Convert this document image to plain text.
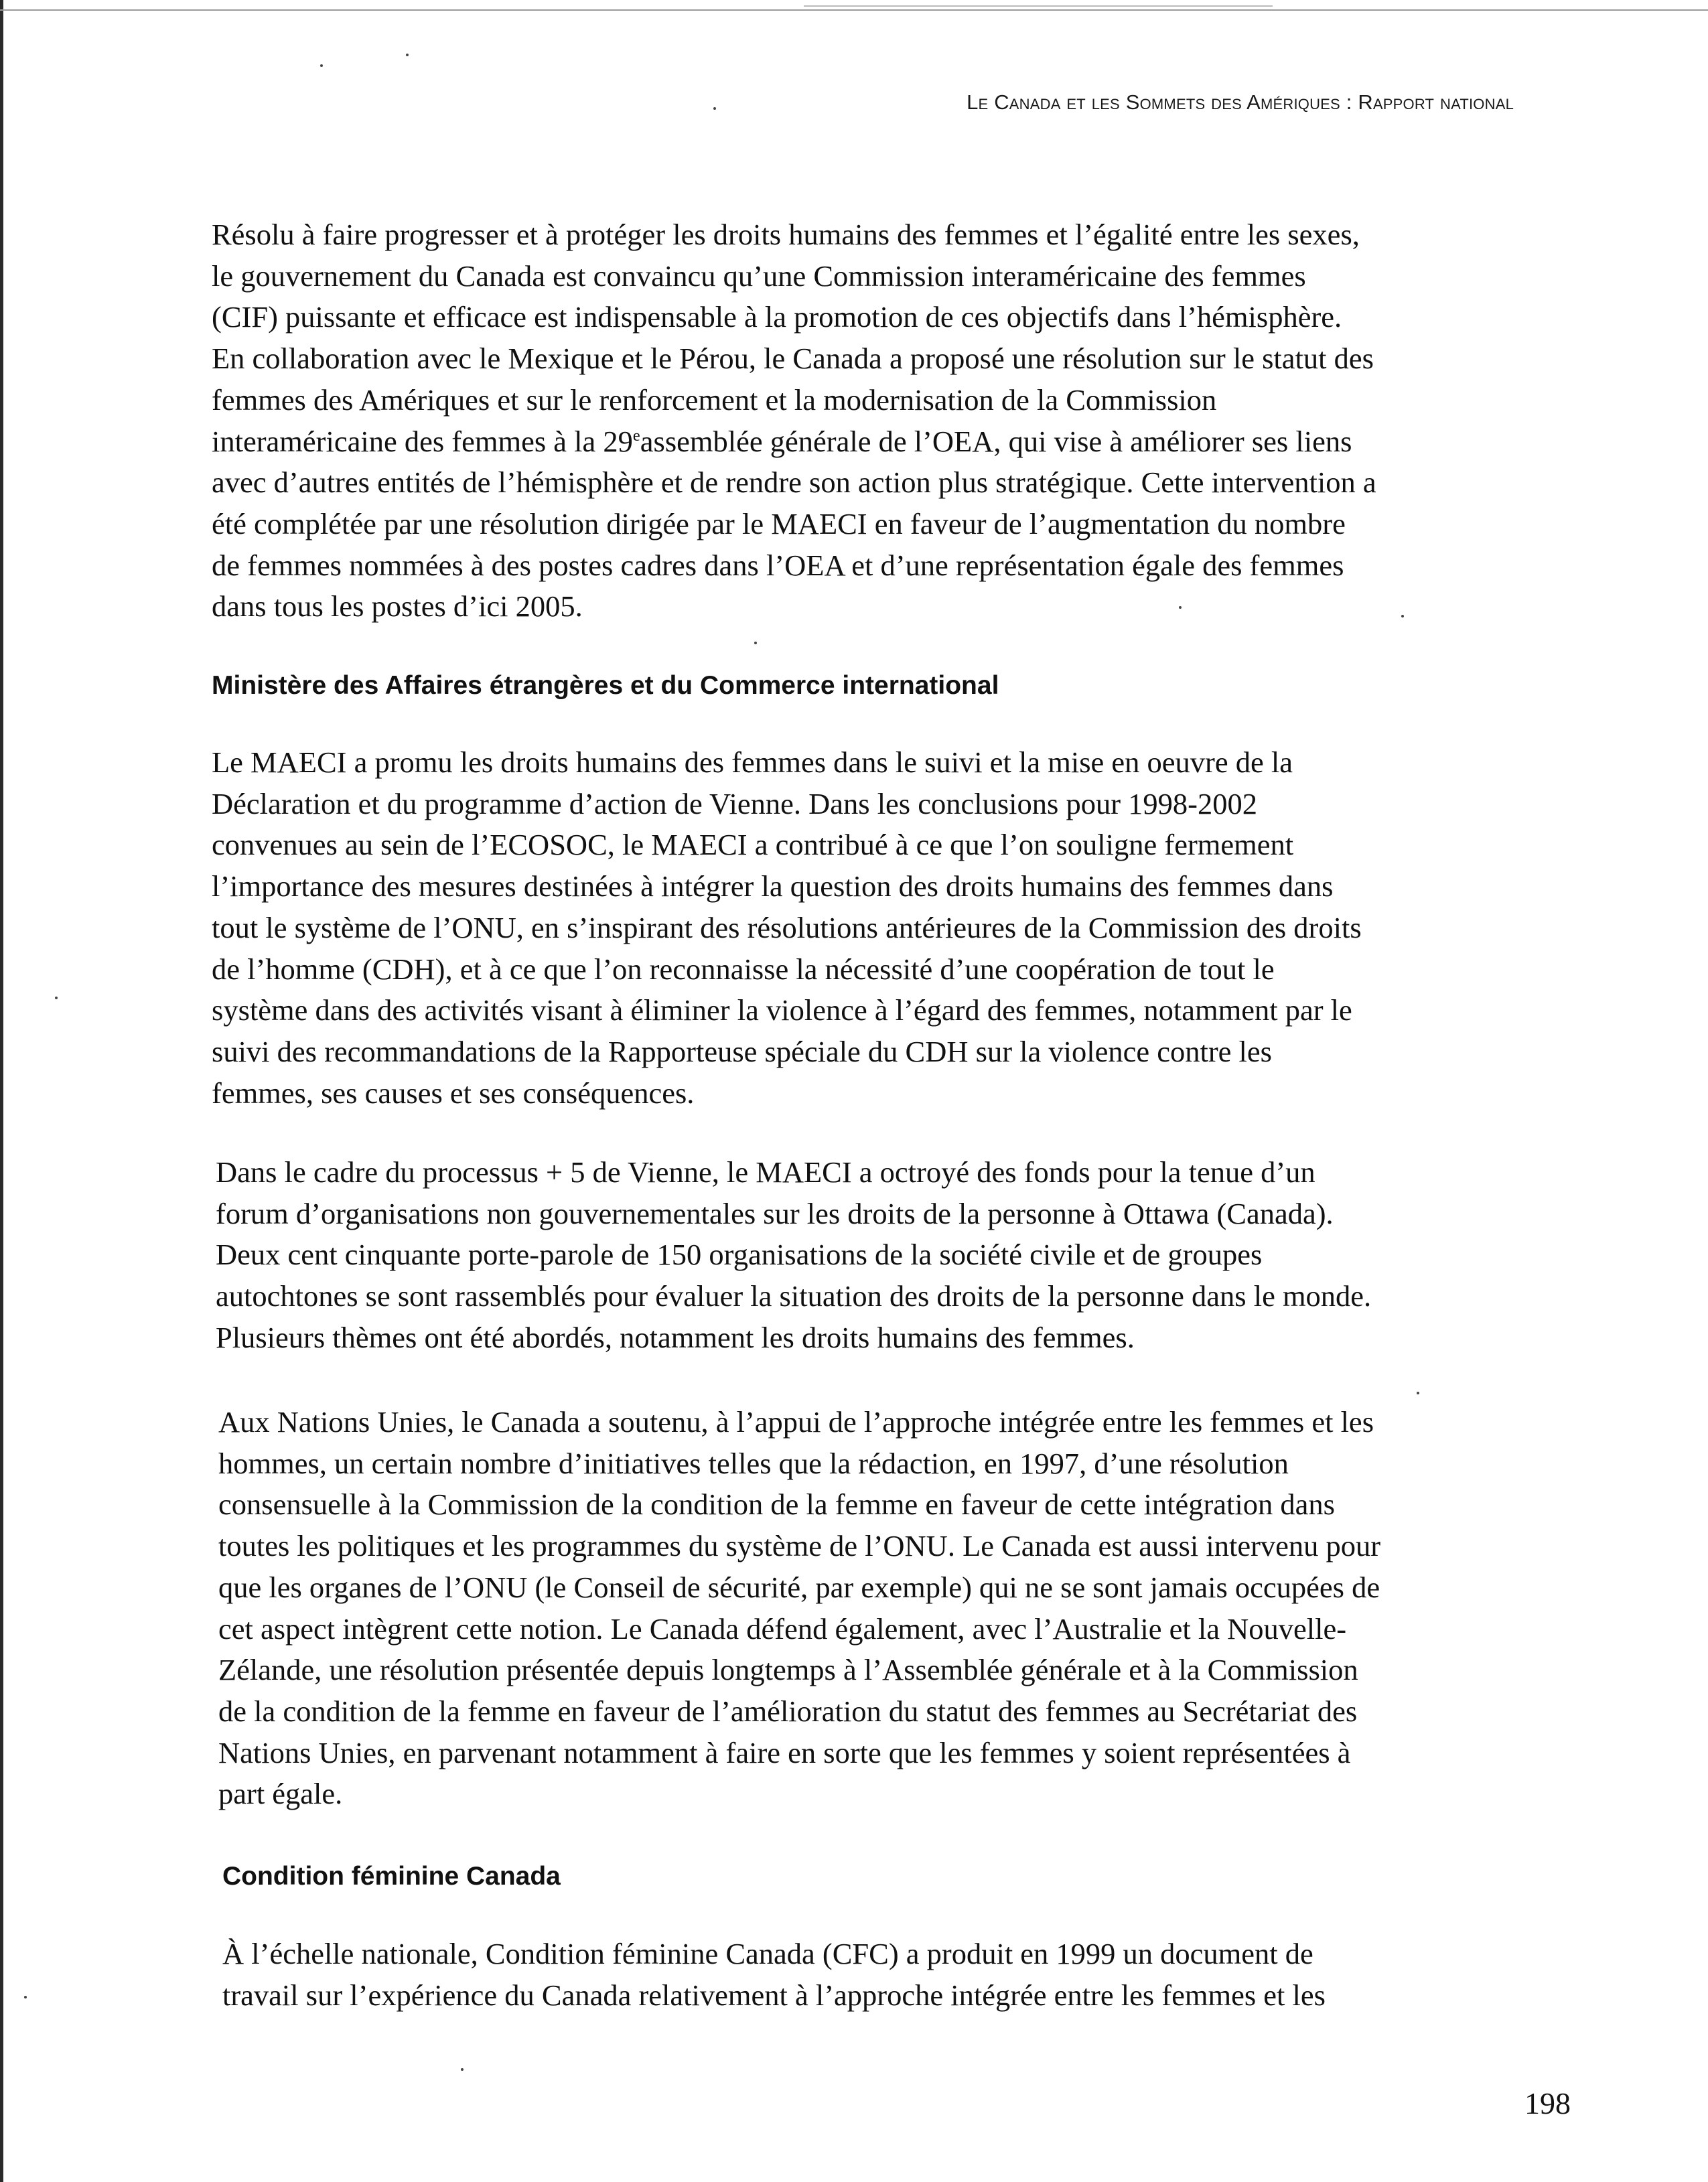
Le Canada et les Sommets des Amériques : Rapport national
Résolu à faire progresser et à protéger les droits humains des femmes et l’égalité entre les sexes,
le gouvernement du Canada est convaincu qu’une Commission interaméricaine des femmes
(CIF) puissante et efficace est indispensable à la promotion de ces objectifs dans l’hémisphère.
En collaboration avec le Mexique et le Pérou, le Canada a proposé une résolution sur le statut des
femmes des Amériques et sur le renforcement et la modernisation de la Commission
interaméricaine des femmes à la 29eassemblée générale de l’OEA, qui vise à améliorer ses liens
avec d’autres entités de l’hémisphère et de rendre son action plus stratégique. Cette intervention a
été complétée par une résolution dirigée par le MAECI en faveur de l’augmentation du nombre
de femmes nommées à des postes cadres dans l’OEA et d’une représentation égale des femmes
dans tous les postes d’ici 2005.
Ministère des Affaires étrangères et du Commerce international
Le MAECI a promu les droits humains des femmes dans le suivi et la mise en oeuvre de la
Déclaration et du programme d’action de Vienne. Dans les conclusions pour 1998-2002
convenues au sein de l’ECOSOC, le MAECI a contribué à ce que l’on souligne fermement
l’importance des mesures destinées à intégrer la question des droits humains des femmes dans
tout le système de l’ONU, en s’inspirant des résolutions antérieures de la Commission des droits
de l’homme (CDH), et à ce que l’on reconnaisse la nécessité d’une coopération de tout le
système dans des activités visant à éliminer la violence à l’égard des femmes, notamment par le
suivi des recommandations de la Rapporteuse spéciale du CDH sur la violence contre les
femmes, ses causes et ses conséquences.
Dans le cadre du processus + 5 de Vienne, le MAECI a octroyé des fonds pour la tenue d’un
forum d’organisations non gouvernementales sur les droits de la personne à Ottawa (Canada).
Deux cent cinquante porte-parole de 150 organisations de la société civile et de groupes
autochtones se sont rassemblés pour évaluer la situation des droits de la personne dans le monde.
Plusieurs thèmes ont été abordés, notamment les droits humains des femmes.
Aux Nations Unies, le Canada a soutenu, à l’appui de l’approche intégrée entre les femmes et les
hommes, un certain nombre d’initiatives telles que la rédaction, en 1997, d’une résolution
consensuelle à la Commission de la condition de la femme en faveur de cette intégration dans
toutes les politiques et les programmes du système de l’ONU. Le Canada est aussi intervenu pour
que les organes de l’ONU (le Conseil de sécurité, par exemple) qui ne se sont jamais occupées de
cet aspect intègrent cette notion. Le Canada défend également, avec l’Australie et la Nouvelle-
Zélande, une résolution présentée depuis longtemps à l’Assemblée générale et à la Commission
de la condition de la femme en faveur de l’amélioration du statut des femmes au Secrétariat des
Nations Unies, en parvenant notamment à faire en sorte que les femmes y soient représentées à
part égale.
Condition féminine Canada
À l’échelle nationale, Condition féminine Canada (CFC) a produit en 1999 un document de
travail sur l’expérience du Canada relativement à l’approche intégrée entre les femmes et les
198
